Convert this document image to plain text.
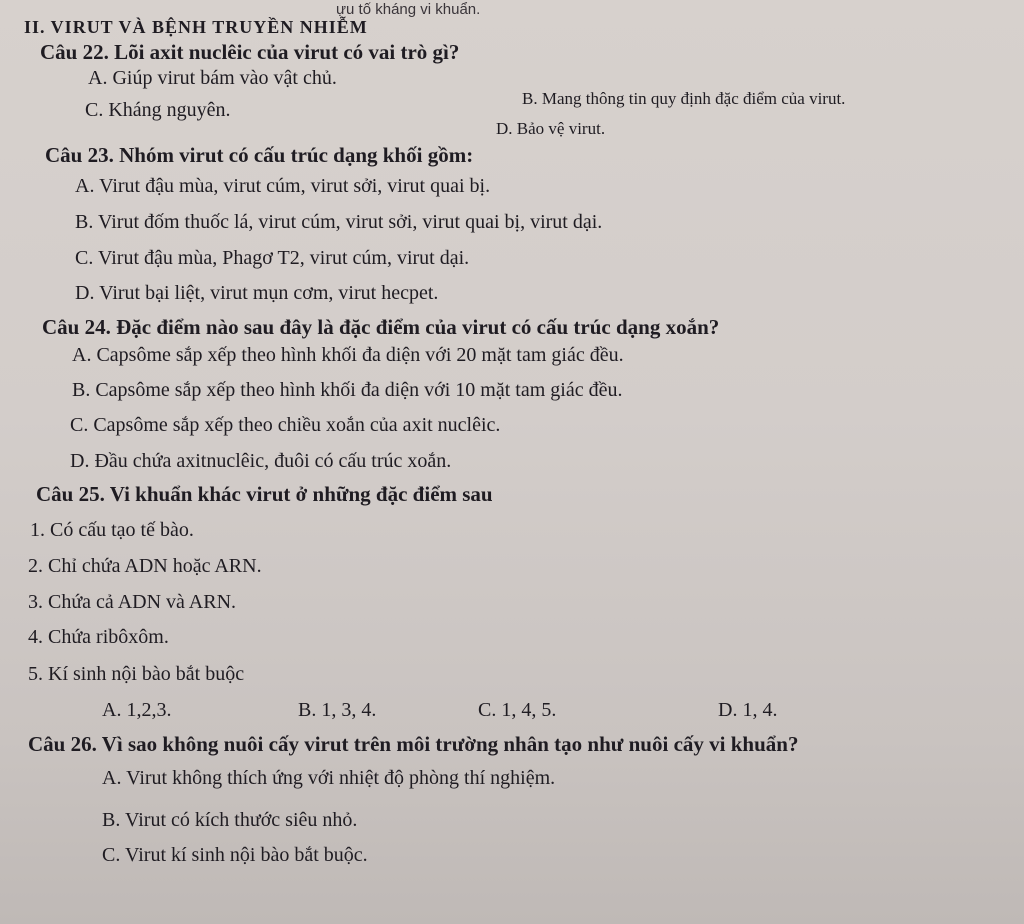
ựu tố kháng vi khuẩn.
II. VIRUT VÀ BỆNH TRUYỀN NHIỄM
Câu 22. Lõi axit nuclêic của virut có vai trò gì?
A. Giúp virut bám vào vật chủ.
B. Mang thông tin quy định đặc điểm của virut.
C. Kháng nguyên.
D. Bảo vệ virut.
Câu 23. Nhóm virut có cấu trúc dạng khối gồm:
A. Virut đậu mùa, virut cúm, virut sởi, virut quai bị.
B. Virut đốm thuốc lá, virut cúm, virut sởi, virut quai bị, virut dại.
C. Virut đậu mùa, Phagơ T2, virut cúm, virut dại.
D. Virut bại liệt, virut mụn cơm, virut hecpet.
Câu 24. Đặc điểm nào sau đây là đặc điểm của virut có cấu trúc dạng xoắn?
A. Capsôme sắp xếp theo hình khối đa diện với 20 mặt tam giác đều.
B. Capsôme sắp xếp theo hình khối đa diện với 10 mặt tam giác đều.
C. Capsôme sắp xếp theo chiều xoắn của axit nuclêic.
D. Đầu chứa axitnuclêic, đuôi có cấu trúc xoắn.
Câu 25. Vi khuẩn khác virut ở những đặc điểm sau
1. Có cấu tạo tế bào.
2. Chỉ chứa ADN hoặc ARN.
3. Chứa cả ADN và ARN.
4. Chứa ribôxôm.
5. Kí sinh nội bào bắt buộc
A. 1,2,3.	B. 1, 3, 4.	C. 1, 4, 5.	D. 1, 4.
Câu 26. Vì sao không nuôi cấy virut trên môi trường nhân tạo như nuôi cấy vi khuẩn?
A. Virut không thích ứng với nhiệt độ phòng thí nghiệm.
B. Virut có kích thước siêu nhỏ.
C. Virut kí sinh nội bào bắt buộc.
